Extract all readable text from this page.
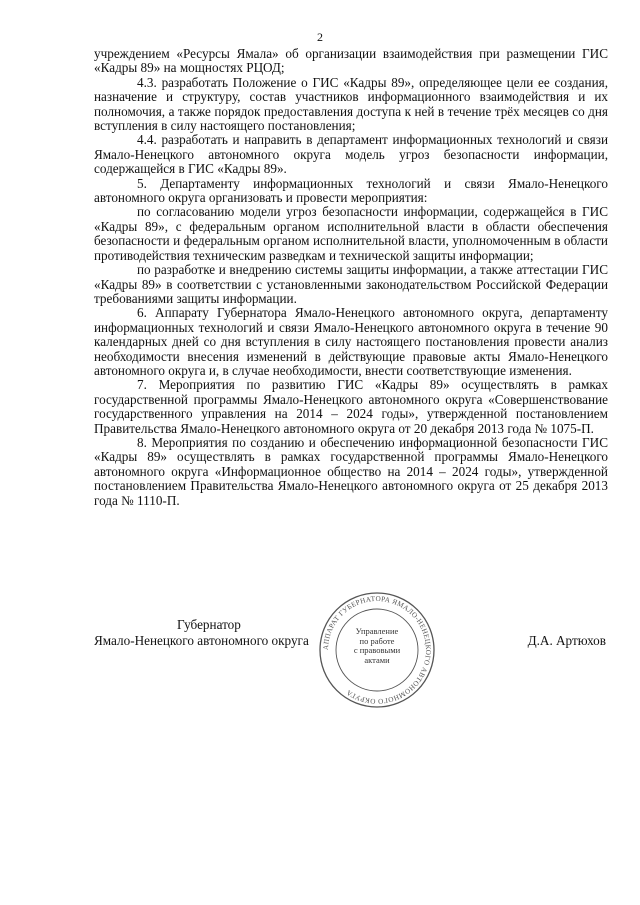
2

учреждением «Ресурсы Ямала» об организации взаимодействия при размещении ГИС «Кадры 89» на мощностях РЦОД;

4.3. разработать Положение о ГИС «Кадры 89», определяющее цели ее создания, назначение и структуру, состав участников информационного взаимодействия и их полномочия, а также порядок предоставления доступа к ней в течение трёх месяцев со дня вступления в силу настоящего постановления;

4.4. разработать и направить в департамент информационных технологий и связи Ямало-Ненецкого автономного округа модель угроз безопасности информации, содержащейся в ГИС «Кадры 89».

5. Департаменту информационных технологий и связи Ямало-Ненецкого автономного округа организовать и провести мероприятия:

по согласованию модели угроз безопасности информации, содержащейся в ГИС «Кадры 89», с федеральным органом исполнительной власти в области обеспечения безопасности и федеральным органом исполнительной власти, уполномоченным в области противодействия техническим разведкам и технической защиты информации;

по разработке и внедрению системы защиты информации, а также аттестации ГИС «Кадры 89» в соответствии с установленными законодательством Российской Федерации требованиями защиты информации.

6. Аппарату Губернатора Ямало-Ненецкого автономного округа, департаменту информационных технологий и связи Ямало-Ненецкого автономного округа в течение 90 календарных дней со дня вступления в силу настоящего постановления провести анализ необходимости внесения изменений в действующие правовые акты Ямало-Ненецкого автономного округа и, в случае необходимости, внести соответствующие изменения.

7. Мероприятия по развитию ГИС «Кадры 89» осуществлять в рамках государственной программы Ямало-Ненецкого автономного округа «Совершенствование государственного управления на 2014 – 2024 годы», утвержденной постановлением Правительства Ямало-Ненецкого автономного округа от 20 декабря 2013 года № 1075-П.

8. Мероприятия по созданию и обеспечению информационной безопасности ГИС «Кадры 89» осуществлять в рамках государственной программы Ямало-Ненецкого автономного округа «Информационное общество на 2014 – 2024 годы», утвержденной постановлением Правительства Ямало-Ненецкого автономного округа от 25 декабря 2013 года № 1110-П.

Губернатор
Ямало-Ненецкого автономного округа	АППАРАТ ГУБЕРНАТОРА ЯМАЛО-НЕНЕЦКОГО АВТОНОМНОГО ОКРУГА
Управление
по работе
с правовыми
актами
Д.А. Артюхов
